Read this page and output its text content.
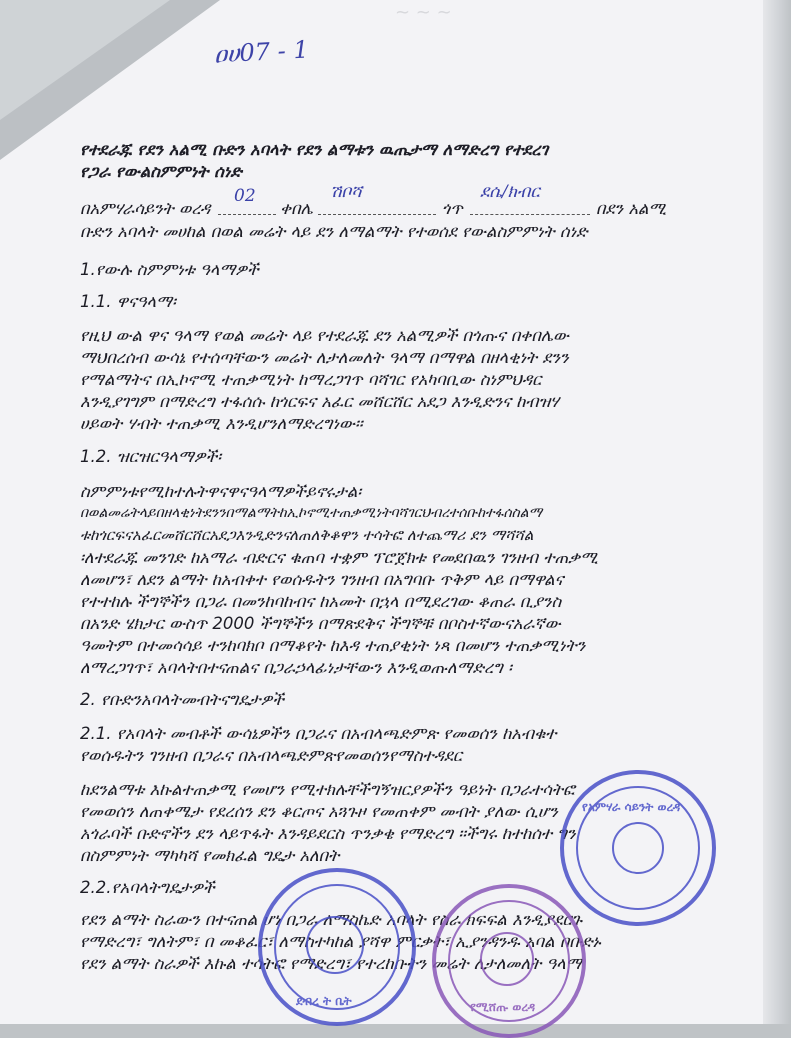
~ ~ ~
ዐሀ07 - 1
የተደራጁ የደን አልሚ ቡድን አባላት የደን ልማቱን ዉጤታማ ለማድረግ የተደረገ
የጋራ የውልስምምነት ሰነድ
በአምሃራሳይንት ወረዳ
02
ቀበሌ
ሽቦሻ
ጎጥ
ደሴ/ክብር
በደን አልሚ
ቡድን አባላት መሀከል በወል መሬት ላይ ደን ለማልማት የተወሰደ የውልስምምነት ሰነድ
1.የውሉ ስምምነቱ ዓላማዎች
1.1. ዋናዓላማ፡
የዚህ ውል ዋና ዓላማ የወል መሬት ላይ የተደራጁ ደን አልሚዎች በጎጡና በቀበሌው
ማህበረሰብ ውሳኔ የተሰጣቸውን መሬት ለታለመለት ዓላማ በማዋል በዘላቂነት ደንን
የማልማትና በኢኮኖሚ ተጠቃሚነት ከማረጋገጥ ባሻገር የአካባቢው ስነምህዳር
እንዲያገግም በማድረግ ተፋሰሱ ከጎርፍና አፈር መሸርሸር አደጋ እንዲድንና ከብዝሃ
ሀይወት ሃብት ተጠቃሚ እንዲሆንለማድረግነው፡፡
1.2. ዝርዝርዓላማዎች፡
ስምምነቱየሚከተሉትዋናዋናዓላማዎችይኖሩታል፡
በወልመሬትላይበዘላቂነትደንንበማልማትከኢኮኖሚተጠቃሚነትባሻገርህብረተሰቡከተፋሰስልማ
ቱከጎርፍናአፈርመሸርሸርአደጋእንዲድንናለጠለቅቆዋን ተሳትፎ ለተጨማሪ ደን ማሻሻል
፡ለተደራጁ መንገድ ከአማራ ብድርና ቁጠባ ተቋም ፕሮጀክቱ የመደበዉን ገንዘብ ተጠቃሚ
ለመሆን፣ ለደን ልማት ከአብቀተ የወሰዱትን ገንዘብ በአግባቡ ጥቅም ላይ በማዋልና
የተተከሉ ችግኞችን በጋራ በመንከባከብና ከአመት በኋላ በሚደረገው ቆጠራ ቢያንስ
በአንድ ሄክታር ውስጥ 2000 ችግኞችን በማጽደቅና ችግኞቹ በቦስተኛውናአራኛው
ዓመትም በተመሳሳይ ተንከባክቦ በማቆየት ከእዳ ተጠያቂነት ነጻ በመሆን ተጠቃሚነትን
ለማረጋገጥ፣ አባላትበተናጠልና በጋራኃላፊነታቸውን እንዲወጡለማድረግ ፡
2. የቡድንአባላትመብትናግዴታዎች
2.1. የአባላት መብቶች ውሳኔዎችን በጋራና በአብላጫድምጽ የመወሰን ከአብቁተ
የወሰዱትን ገንዘብ በጋራና በአብላጫድምጽየመወሰንየማስተዳደር
ከደንልማቱ እኩልተጠቃሚ የመሆን የሚተክሉቸችግኝዝርያዎችን ዓይነት በጋራተሳትፎ
የመወሰን ለጠቀሜታ የደረሰን ደን ቆርጦና አጓጉዞ የመጠቀም መብት ያለው ሲሆን
አጎራባች ቡድኖችን ደን ላይጥፋት እንዳይደርስ ጥንቃቄ የማድረግ ፡፡ችግሩ ከተከሰተ ግን
በስምምነት ማካካሻ የመክፈል ግዴታ አለበት
2.2.የአባላትግዴታዎች
የደን ልማት ስራውን በተናጠል ሆነ በጋራ ለማስኬድ አባላት የስራ ክፍፍል እንዲያደርጉ
የማድረግ፣ ግለትም፣ በ መቆፈር፣ ለማስተካከል ያሻዋ ምርቃት፣ ኢያንዳንዱ አባል በቡድኑ
የደን ልማት ስራዎች እኩል ተሳትፎ የማድረግ፣ የተረከቡትን መሬት ለታለመለት ዓላማ
የአምሃራ ሳይንት ወረዳ
ደብረ ት ቤት	የሚሸጡ ወረዳ
